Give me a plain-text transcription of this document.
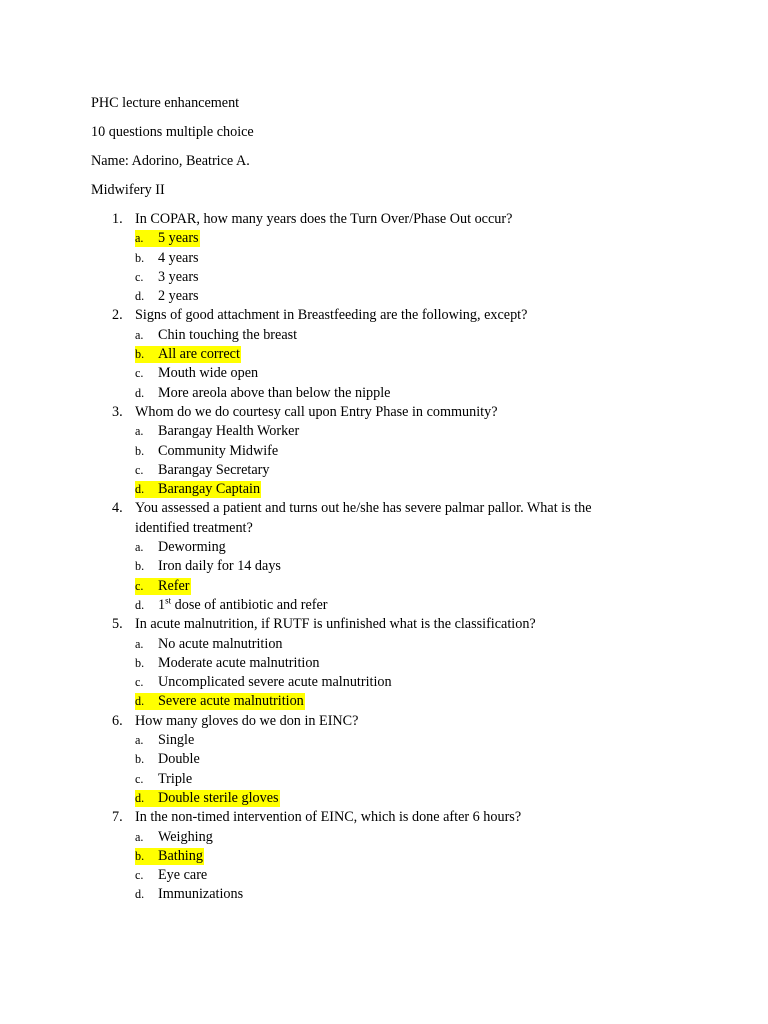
PHC lecture enhancement
10 questions multiple choice
Name: Adorino, Beatrice A.
Midwifery II
1. In COPAR, how many years does the Turn Over/Phase Out occur?
a. 5 years
b. 4 years
c. 3 years
d. 2 years
2. Signs of good attachment in Breastfeeding are the following, except?
a. Chin touching the breast
b. All are correct
c. Mouth wide open
d. More areola above than below the nipple
3. Whom do we do courtesy call upon Entry Phase in community?
a. Barangay Health Worker
b. Community Midwife
c. Barangay Secretary
d. Barangay Captain
4. You assessed a patient and turns out he/she has severe palmar pallor. What is the
identified treatment?
a. Deworming
b. Iron daily for 14 days
c. Refer
d. 1st dose of antibiotic and refer
5. In acute malnutrition, if RUTF is unfinished what is the classification?
a. No acute malnutrition
b. Moderate acute malnutrition
c. Uncomplicated severe acute malnutrition
d. Severe acute malnutrition
6. How many gloves do we don in EINC?
a. Single
b. Double
c. Triple
d. Double sterile gloves
7. In the non-timed intervention of EINC, which is done after 6 hours?
a. Weighing
b. Bathing
c. Eye care
d. Immunizations
